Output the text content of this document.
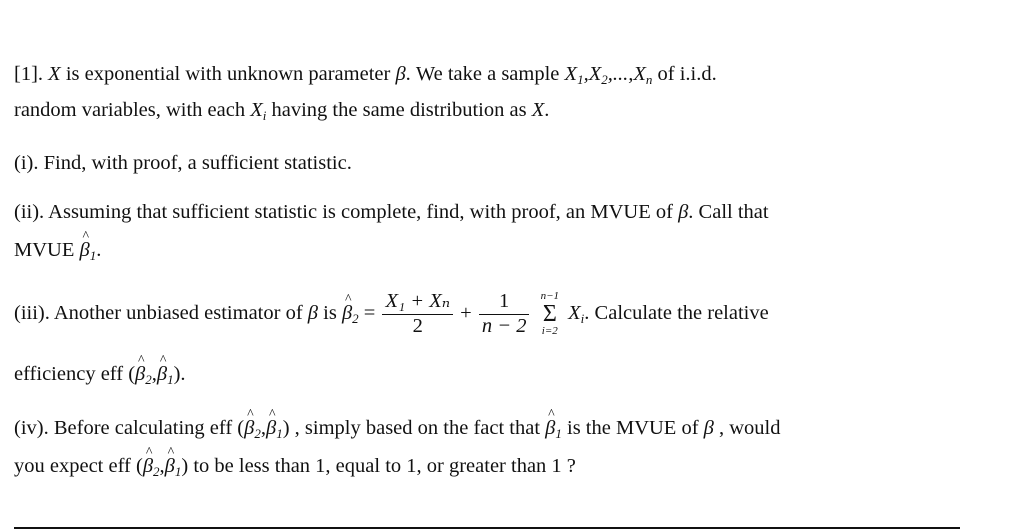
[1]. X is exponential with unknown parameter β. We take a sample $X_1,X_2,...,X_n$ of i.i.d.
random variables, with each $X_i$ having the same distribution as X.
(i). Find, with proof, a sufficient statistic.
(ii). Assuming that sufficient statistic is complete, find, with proof, an MVUE of β. Call that
MVUE ^ $\beta_1$.
(iii). Another unbiased estimator of β is ^ $\beta_2 = \frac{\text{X₁ + Xₙ}}{2} + \frac{1}{n - 2}$
n−1
Σ
i=2
$X_i$. Calculate the relative
efficiency eff (^ $\beta_2,\^{}$ $\beta_1$).
(iv). Before calculating eff (^ $\beta_2,\^{}$ $\beta_1$) , simply based on the fact that ^ $\beta_1$ is the MVUE of β , would
you expect eff (^ $\beta_2,\^{}$ $\beta_1$) to be less than 1, equal to 1, or greater than 1 ?
